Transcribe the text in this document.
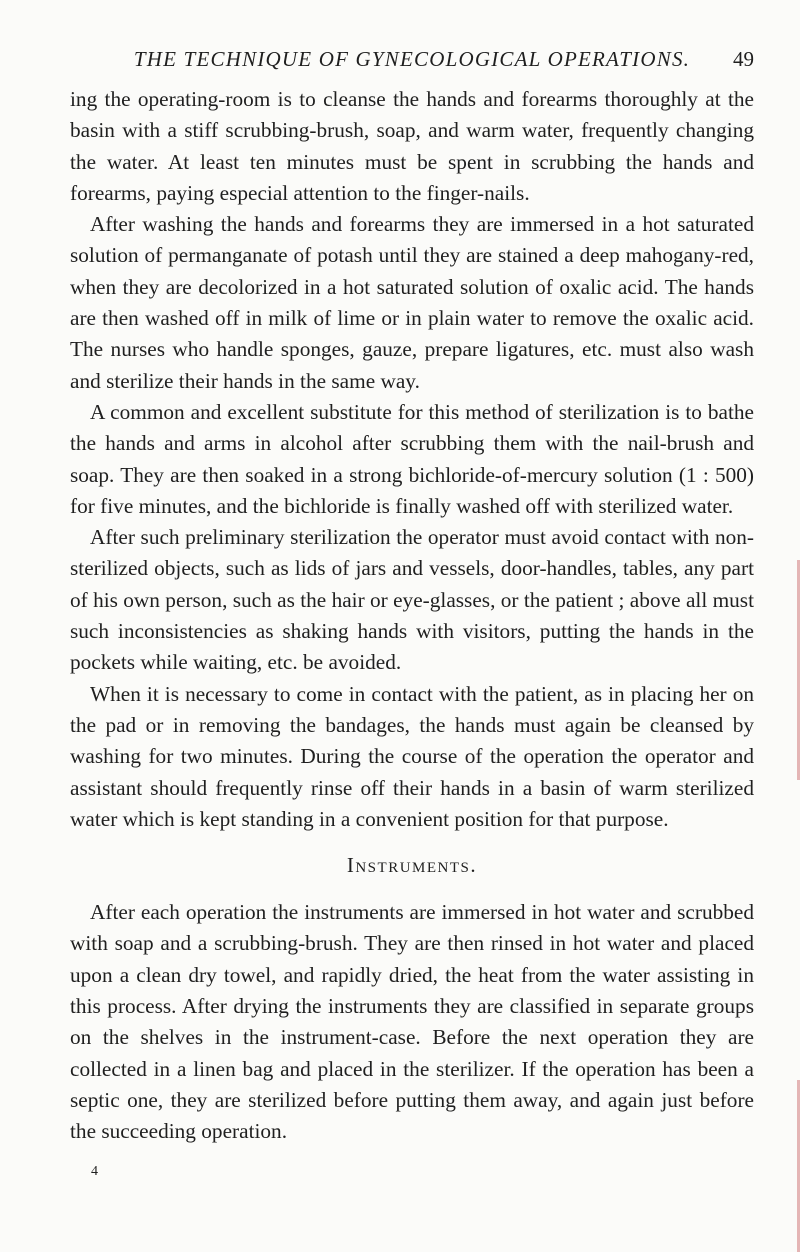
THE TECHNIQUE OF GYNECOLOGICAL OPERATIONS. 49

ing the operating-room is to cleanse the hands and forearms thoroughly at the basin with a stiff scrubbing-brush, soap, and warm water, frequently changing the water. At least ten minutes must be spent in scrubbing the hands and forearms, paying especial attention to the finger-nails.

After washing the hands and forearms they are immersed in a hot saturated solution of permanganate of potash until they are stained a deep mahogany-red, when they are decolorized in a hot saturated solution of oxalic acid. The hands are then washed off in milk of lime or in plain water to remove the oxalic acid. The nurses who handle sponges, gauze, prepare ligatures, etc. must also wash and sterilize their hands in the same way.

A common and excellent substitute for this method of sterilization is to bathe the hands and arms in alcohol after scrubbing them with the nail-brush and soap. They are then soaked in a strong bichloride-of-mercury solution (1 : 500) for five minutes, and the bichloride is finally washed off with sterilized water.

After such preliminary sterilization the operator must avoid contact with non-sterilized objects, such as lids of jars and vessels, door-handles, tables, any part of his own person, such as the hair or eye-glasses, or the patient ; above all must such inconsistencies as shaking hands with visitors, putting the hands in the pockets while waiting, etc. be avoided.

When it is necessary to come in contact with the patient, as in placing her on the pad or in removing the bandages, the hands must again be cleansed by washing for two minutes. During the course of the operation the operator and assistant should frequently rinse off their hands in a basin of warm sterilized water which is kept standing in a convenient position for that purpose.

Instruments.

After each operation the instruments are immersed in hot water and scrubbed with soap and a scrubbing-brush. They are then rinsed in hot water and placed upon a clean dry towel, and rapidly dried, the heat from the water assisting in this process. After drying the instruments they are classified in separate groups on the shelves in the instrument-case. Before the next operation they are collected in a linen bag and placed in the sterilizer. If the operation has been a septic one, they are sterilized before putting them away, and again just before the succeeding operation.

4
